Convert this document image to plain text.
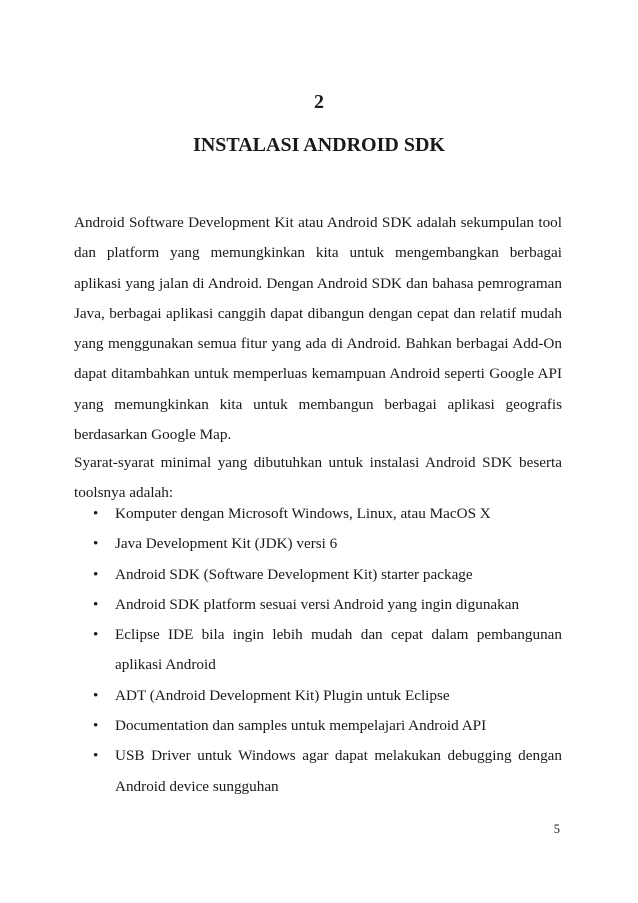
2
INSTALASI ANDROID SDK

Android Software Development Kit atau Android SDK adalah sekumpulan tool dan platform yang memungkinkan kita untuk mengembangkan berbagai aplikasi yang jalan di Android. Dengan Android SDK dan bahasa pemrograman Java, berbagai aplikasi canggih dapat dibangun dengan cepat dan relatif mudah yang menggunakan semua fitur yang ada di Android. Bahkan berbagai Add-On dapat ditambahkan untuk memperluas kemampuan Android seperti Google API yang memungkinkan kita untuk membangun berbagai aplikasi geografis berdasarkan Google Map.

Syarat-syarat minimal yang dibutuhkan untuk instalasi Android SDK beserta toolsnya adalah:

• Komputer dengan Microsoft Windows, Linux, atau MacOS X
• Java Development Kit (JDK) versi 6
• Android SDK (Software Development Kit) starter package
• Android SDK platform sesuai versi Android yang ingin digunakan
• Eclipse IDE bila ingin lebih mudah dan cepat dalam pembangunan aplikasi Android
• ADT (Android Development Kit) Plugin untuk Eclipse
• Documentation dan samples untuk mempelajari Android API
• USB Driver untuk Windows agar dapat melakukan debugging dengan Android device sungguhan
5
